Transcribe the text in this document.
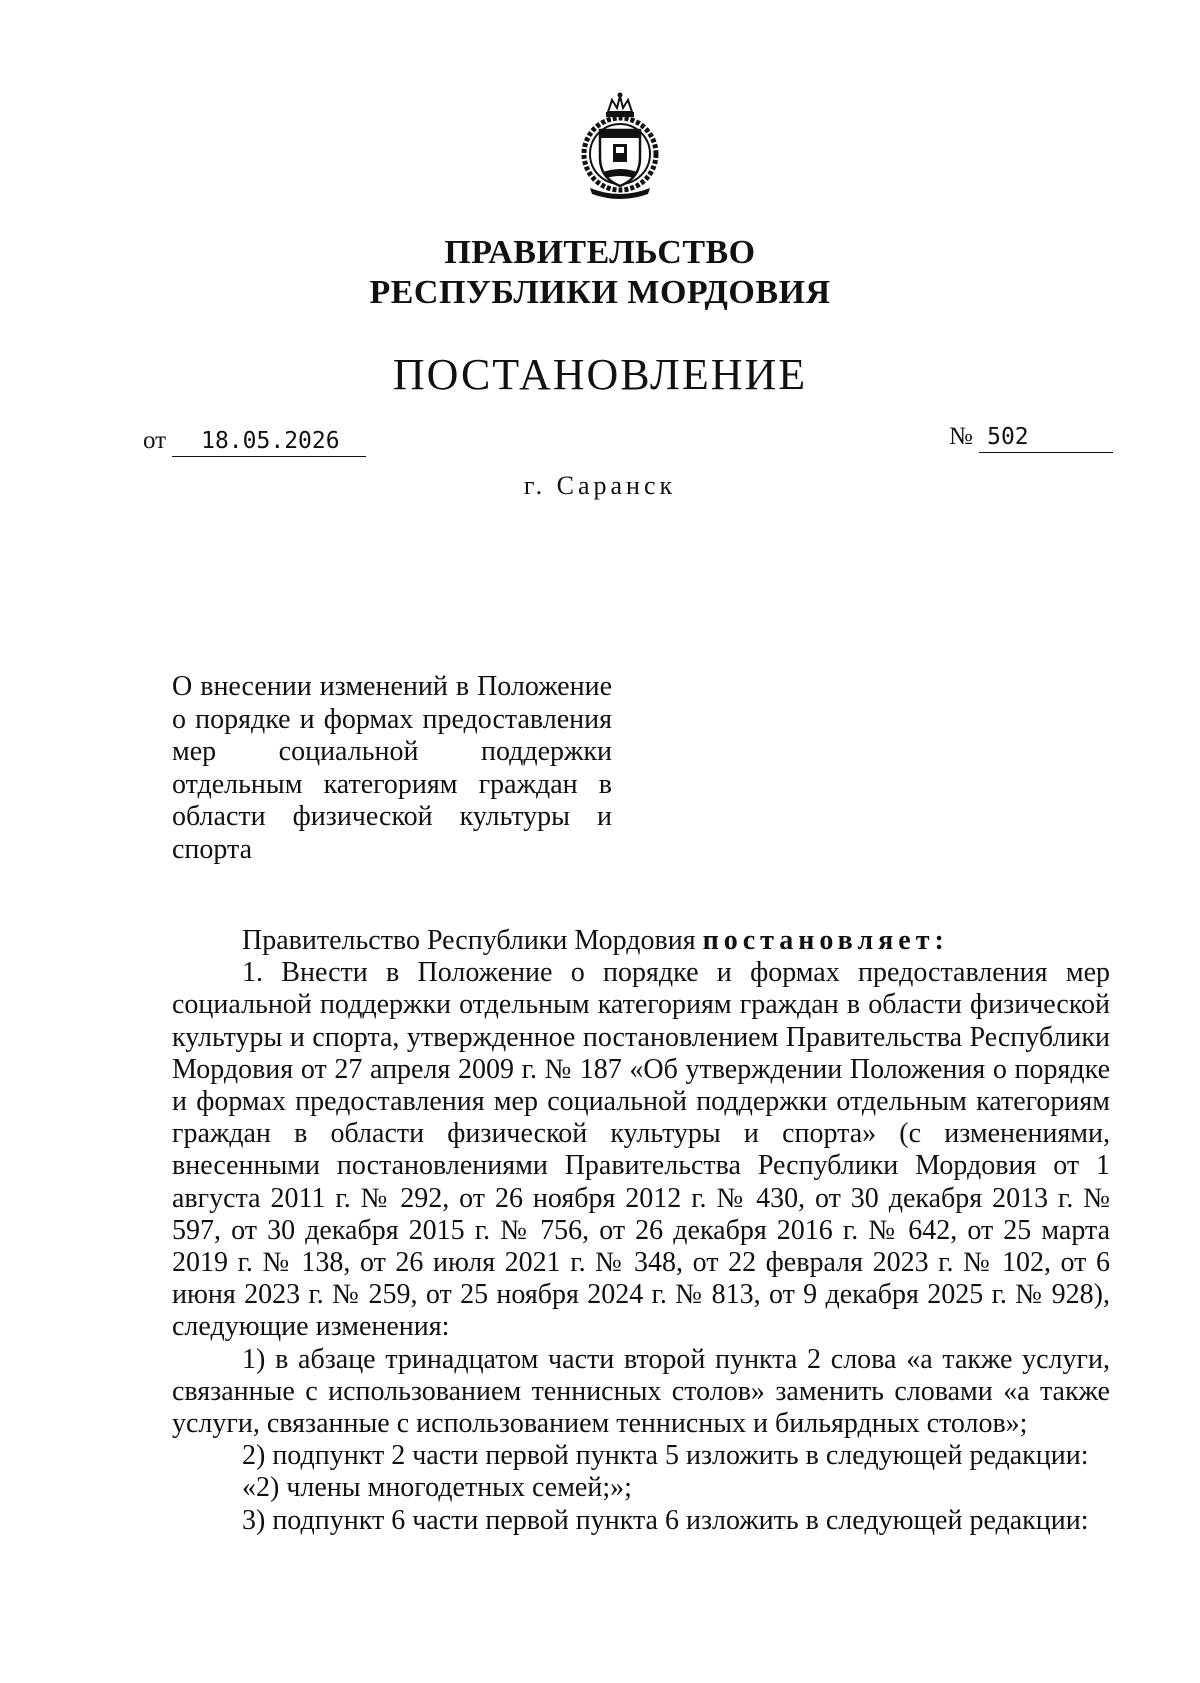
ПРАВИТЕЛЬСТВО
РЕСПУБЛИКИ МОРДОВИЯ
ПОСТАНОВЛЕНИЕ
от 18.05.2026	№ 502
г. Саранск
О внесении изменений в Положение о порядке и формах предоставления мер социальной поддержки отдельным категориям граждан в области физической культуры и спорта

Правительство Республики Мордовия постановляет:

1. Внести в Положение о порядке и формах предоставления мер социальной поддержки отдельным категориям граждан в области физической культуры и спорта, утвержденное постановлением Правительства Республики Мордовия от 27 апреля 2009 г. № 187 «Об утверждении Положения о порядке и формах предоставления мер социальной поддержки отдельным категориям граждан в области физической культуры и спорта» (с изменениями, внесенными постановлениями Правительства Республики Мордовия от 1 августа 2011 г. № 292, от 26 ноября 2012 г. № 430, от 30 декабря 2013 г. № 597, от 30 декабря 2015 г. № 756, от 26 декабря 2016 г. № 642, от 25 марта 2019 г. № 138, от 26 июля 2021 г. № 348, от 22 февраля 2023 г. № 102, от 6 июня 2023 г. № 259, от 25 ноября 2024 г. № 813, от 9 декабря 2025 г. № 928), следующие изменения:

1) в абзаце тринадцатом части второй пункта 2 слова «а также услуги, связанные с использованием теннисных столов» заменить словами «а также услуги, связанные с использованием теннисных и бильярдных столов»;

2) подпункт 2 части первой пункта 5 изложить в следующей редакции:

«2) члены многодетных семей;»;

3) подпункт 6 части первой пункта 6 изложить в следующей редакции:
